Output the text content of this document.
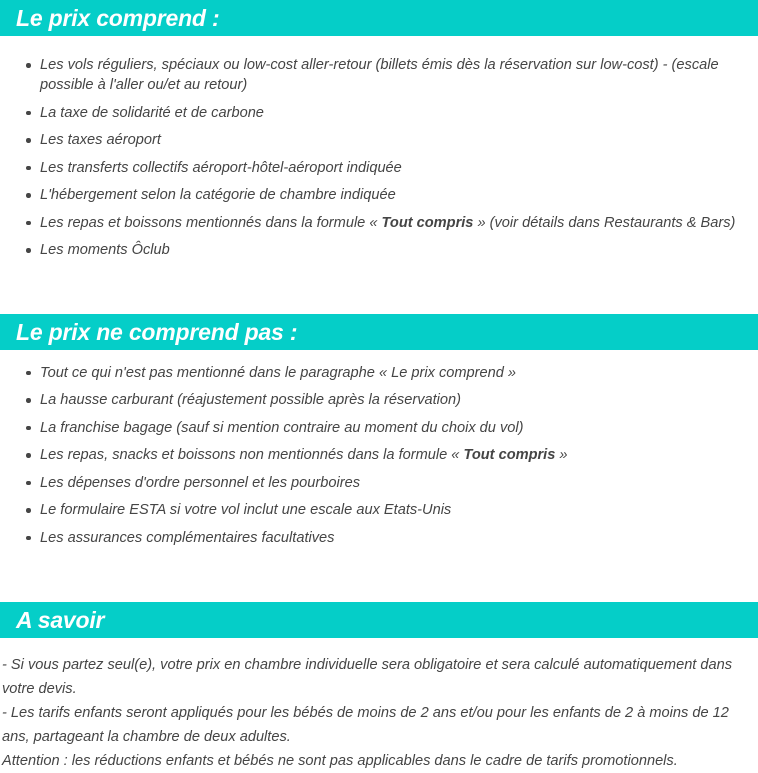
Le prix comprend :
Les vols réguliers, spéciaux ou low-cost aller-retour (billets émis dès la réservation sur low-cost) - (escale possible à l'aller ou/et au retour)
La taxe de solidarité et de carbone
Les taxes aéroport
Les transferts collectifs aéroport-hôtel-aéroport indiquée
L'hébergement selon la catégorie de chambre indiquée
Les repas et boissons mentionnés dans la formule « Tout compris » (voir détails dans Restaurants & Bars)
Les moments Ôclub
Le prix ne comprend pas :
Tout ce qui n'est pas mentionné dans le paragraphe « Le prix comprend »
La hausse carburant (réajustement possible après la réservation)
La franchise bagage (sauf si mention contraire au moment du choix du vol)
Les repas, snacks et boissons non mentionnés dans la formule « Tout compris »
Les dépenses d'ordre personnel et les pourboires
Le formulaire ESTA si votre vol inclut une escale aux Etats-Unis
Les assurances complémentaires facultatives
A savoir

- Si vous partez seul(e), votre prix en chambre individuelle sera obligatoire et sera calculé automatiquement dans votre devis.

- Les tarifs enfants seront appliqués pour les bébés de moins de 2 ans et/ou pour les enfants de 2 à moins de 12 ans, partageant la chambre de deux adultes.

Attention : les réductions enfants et bébés ne sont pas applicables dans le cadre de tarifs promotionnels.
